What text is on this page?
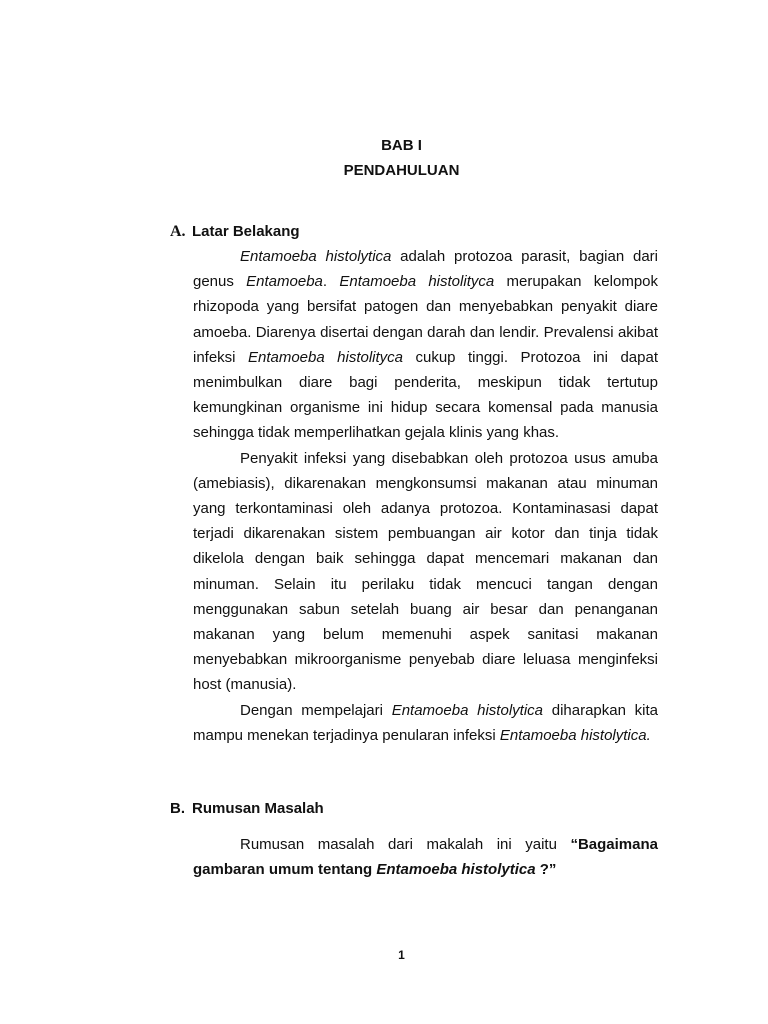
BAB I
PENDAHULUAN
A. Latar Belakang

Entamoeba histolytica adalah protozoa parasit, bagian dari genus Entamoeba. Entamoeba histolityca merupakan kelompok rhizopoda yang bersifat patogen dan menyebabkan penyakit diare amoeba. Diarenya disertai dengan darah dan lendir. Prevalensi akibat infeksi Entamoeba histolityca cukup tinggi. Protozoa ini dapat menimbulkan diare bagi penderita, meskipun tidak tertutup kemungkinan organisme ini hidup secara komensal pada manusia sehingga tidak memperlihatkan gejala klinis yang khas.

Penyakit infeksi yang disebabkan oleh protozoa usus amuba (amebiasis), dikarenakan mengkonsumsi makanan atau minuman yang terkontaminasi oleh adanya protozoa. Kontaminasasi dapat terjadi dikarenakan sistem pembuangan air kotor dan tinja tidak dikelola dengan baik sehingga dapat mencemari makanan dan minuman. Selain itu perilaku tidak mencuci tangan dengan menggunakan sabun setelah buang air besar dan penanganan makanan yang belum memenuhi aspek sanitasi makanan menyebabkan mikroorganisme penyebab diare leluasa menginfeksi host (manusia).

Dengan mempelajari Entamoeba histolytica diharapkan kita mampu menekan terjadinya penularan infeksi Entamoeba histolytica.

B. Rumusan Masalah

Rumusan masalah dari makalah ini yaitu “Bagaimana gambaran umum tentang Entamoeba histolytica ?”

1
